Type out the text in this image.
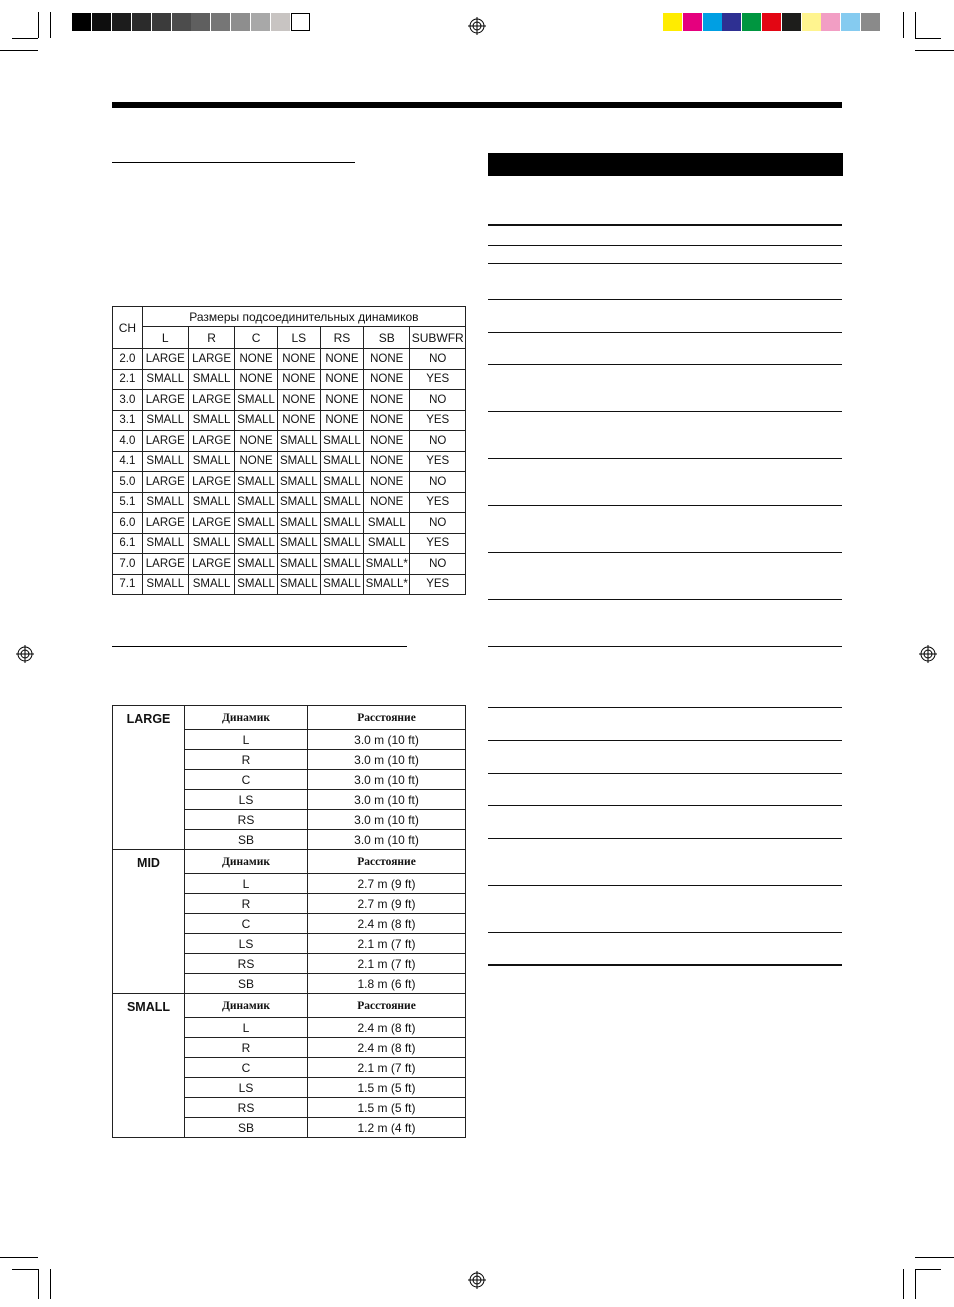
CH	Размеры подсоединительных динамиков						
	L	R	C	LS	RS	SB	SUBWFR
2.0	LARGE	LARGE	NONE	NONE	NONE	NONE	NO
2.1	SMALL	SMALL	NONE	NONE	NONE	NONE	YES
3.0	LARGE	LARGE	SMALL	NONE	NONE	NONE	NO
3.1	SMALL	SMALL	SMALL	NONE	NONE	NONE	YES
4.0	LARGE	LARGE	NONE	SMALL	SMALL	NONE	NO
4.1	SMALL	SMALL	NONE	SMALL	SMALL	NONE	YES
5.0	LARGE	LARGE	SMALL	SMALL	SMALL	NONE	NO
5.1	SMALL	SMALL	SMALL	SMALL	SMALL	NONE	YES
6.0	LARGE	LARGE	SMALL	SMALL	SMALL	SMALL	NO
6.1	SMALL	SMALL	SMALL	SMALL	SMALL	SMALL	YES
7.0	LARGE	LARGE	SMALL	SMALL	SMALL	SMALL*	NO
7.1	SMALL	SMALL	SMALL	SMALL	SMALL	SMALL*	YES
LARGE	Динамик	Расстояние
	L	3.0 m (10 ft)
	R	3.0 m (10 ft)
	C	3.0 m (10 ft)
	LS	3.0 m (10 ft)
	RS	3.0 m (10 ft)
	SB	3.0 m (10 ft)
MID	Динамик	Расстояние
	L	2.7 m (9 ft)
	R	2.7 m (9 ft)
	C	2.4 m (8 ft)
	LS	2.1 m (7 ft)
	RS	2.1 m (7 ft)
	SB	1.8 m (6 ft)
SMALL	Динамик	Расстояние
	L	2.4 m (8 ft)
	R	2.4 m (8 ft)
	C	2.1 m (7 ft)
	LS	1.5 m (5 ft)
	RS	1.5 m (5 ft)
	SB	1.2 m (4 ft)
